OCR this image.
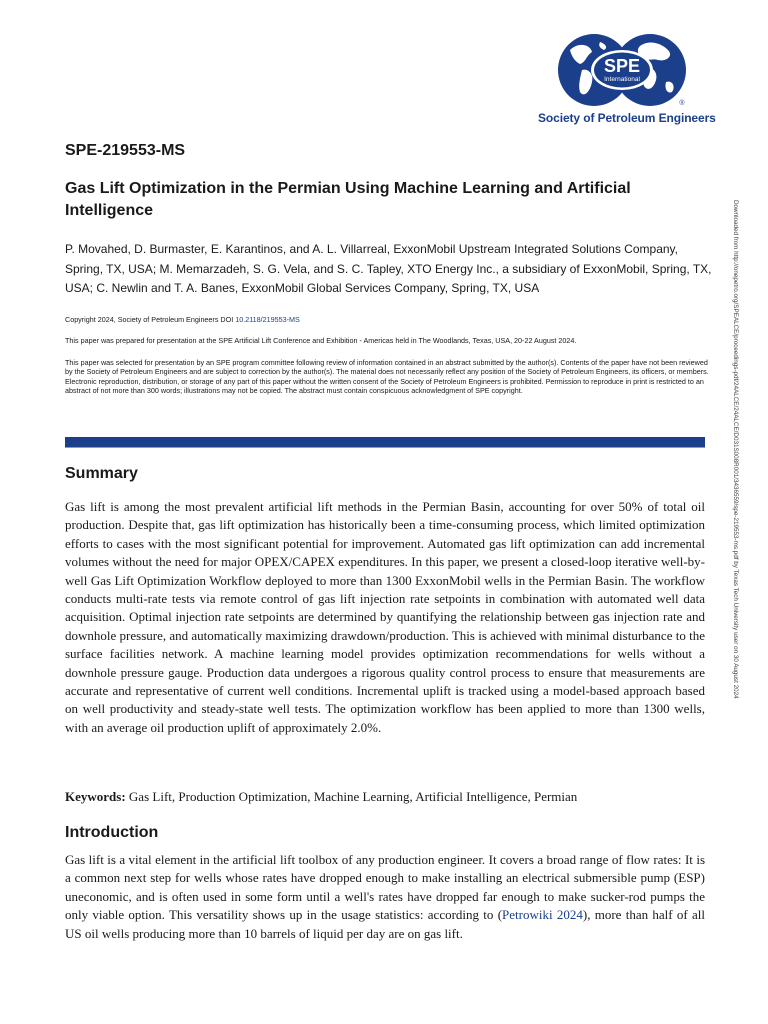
SPE
International
®
Society of Petroleum Engineers
SPE-219553-MS
Gas Lift Optimization in the Permian Using Machine Learning and Artificial Intelligence

P. Movahed, D. Burmaster, E. Karantinos, and A. L. Villarreal, ExxonMobil Upstream Integrated Solutions Company, Spring, TX, USA; M. Memarzadeh, S. G. Vela, and S. C. Tapley, XTO Energy Inc., a subsidiary of ExxonMobil, Spring, TX, USA; C. Newlin and T. A. Banes, ExxonMobil Global Services Company, Spring, TX, USA

Copyright 2024, Society of Petroleum Engineers DOI 10.2118/219553-MS

This paper was prepared for presentation at the SPE Artificial Lift Conference and Exhibition - Americas held in The Woodlands, Texas, USA, 20-22 August 2024.

This paper was selected for presentation by an SPE program committee following review of information contained in an abstract submitted by the author(s). Contents of the paper have not been reviewed by the Society of Petroleum Engineers and are subject to correction by the author(s). The material does not necessarily reflect any position of the Society of Petroleum Engineers, its officers, or members. Electronic reproduction, distribution, or storage of any part of this paper without the written consent of the Society of Petroleum Engineers is prohibited. Permission to reproduce in print is restricted to an abstract of not more than 300 words; illustrations may not be copied. The abstract must contain conspicuous acknowledgment of SPE copyright.

Summary

Gas lift is among the most prevalent artificial lift methods in the Permian Basin, accounting for over 50% of total oil production. Despite that, gas lift optimization has historically been a time-consuming process, which limited optimization efforts to cases with the most significant potential for improvement. Automated gas lift optimization can add incremental volumes without the need for major OPEX/CAPEX expenditures. In this paper, we present a closed-loop iterative well-by-well Gas Lift Optimization Workflow deployed to more than 1300 ExxonMobil wells in the Permian Basin. The workflow conducts multi-rate tests via remote control of gas lift injection rate setpoints in combination with automated well data acquisition. Optimal injection rate setpoints are determined by quantifying the relationship between gas injection rate and downhole pressure, and automatically maximizing drawdown/production. This is achieved with minimal disturbance to the surface facilities network. A machine learning model provides optimization recommendations for wells without a downhole pressure gauge. Production data undergoes a rigorous quality control process to ensure that measurements are accurate and representative of current well conditions. Incremental uplift is tracked using a model-based approach based on well productivity and steady-state well tests. The optimization workflow has been applied to more than 1300 wells, with an average oil production uplift of approximately 2.0%.

Keywords: Gas Lift, Production Optimization, Machine Learning, Artificial Intelligence, Permian

Introduction

Gas lift is a vital element in the artificial lift toolbox of any production engineer. It covers a broad range of flow rates: It is a common next step for wells whose rates have dropped enough to make installing an electrical submersible pump (ESP) uneconomic, and is often used in some form until a well's rates have dropped far enough to make sucker-rod pumps the only viable option. This versatility shows up in the usage statistics: according to (Petrowiki 2024), more than half of all US oil wells producing more than 10 barrels of liquid per day are on gas lift.

Downloaded from http://onepetro.org/SPEALCE/proceedings-pdf/24ALCE/24ALCE/D031S008R001/3436559/spe-219553-ms.pdf by Texas Tech University user on 30 August 2024
